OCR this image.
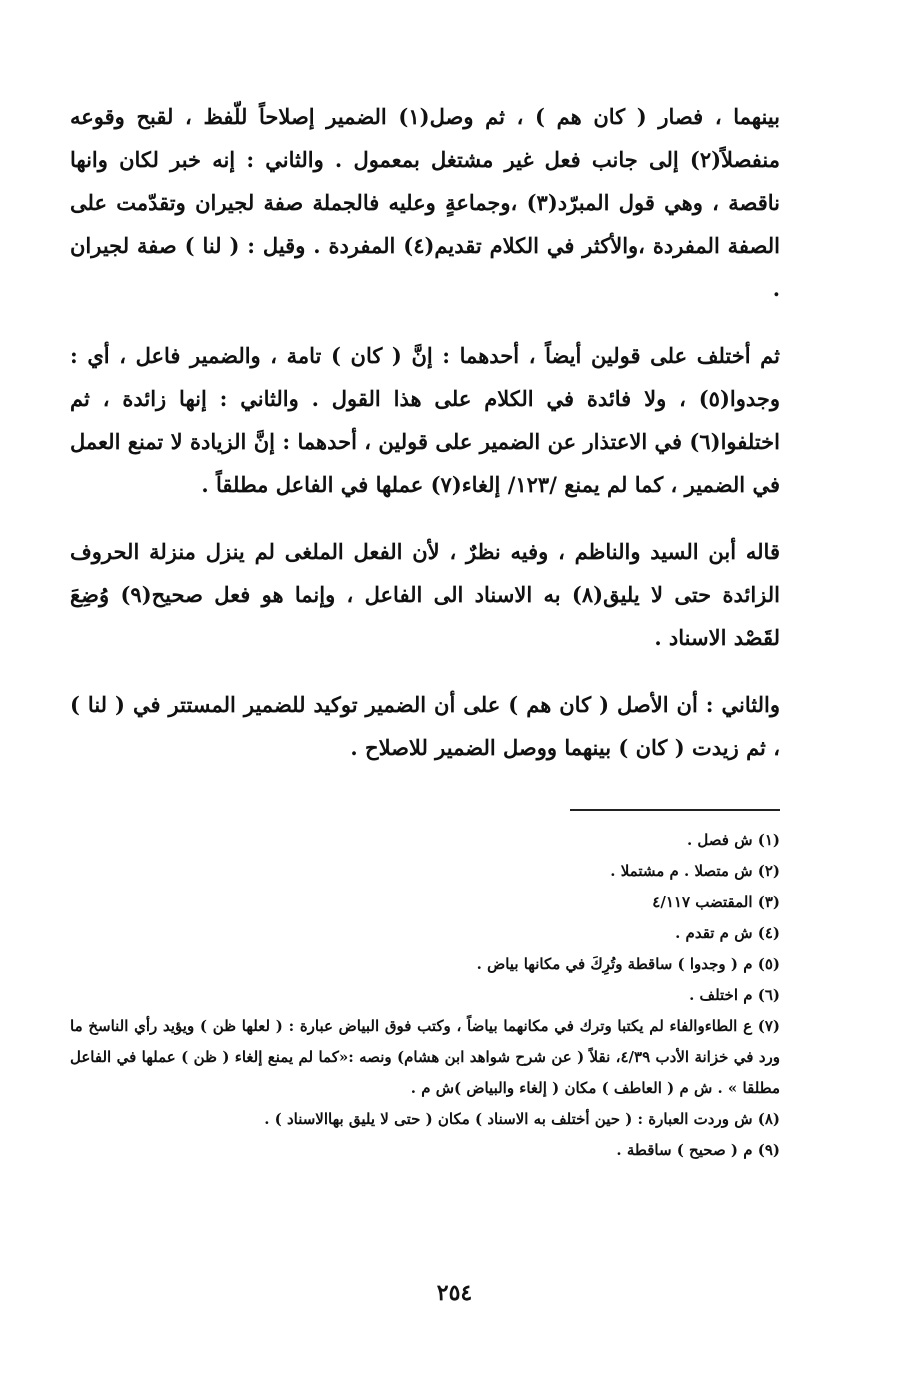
بينهما ، فصار ( كان هم ) ، ثم وصل(١) الضمير إصلاحاً للّفظ ، لقبح وقوعه منفصلاً(٢) إلى جانب فعل غير مشتغل بمعمول . والثاني : إنه خبر لكان وانها ناقصة ، وهي قول المبرّد(٣) ،وجماعةٍ وعليه فالجملة صفة لجيران وتقدّمت على الصفة المفردة ،والأكثر في الكلام تقديم(٤) المفردة . وقيل : ( لنا ) صفة لجيران .

ثم أختلف على قولين أيضاً ، أحدهما : إنَّ ( كان ) تامة ، والضمير فاعل ، أي : وجدوا(٥) ، ولا فائدة في الكلام على هذا القول . والثاني : إنها زائدة ، ثم اختلفوا(٦) في الاعتذار عن الضمير على قولين ، أحدهما : إنَّ الزيادة لا تمنع العمل في الضمير ، كما لم يمنع /١٢٣/ إلغاء(٧) عملها في الفاعل مطلقاً .

قاله أبن السيد والناظم ، وفيه نظرٌ ، لأن الفعل الملغى لم ينزل منزلة الحروف الزائدة حتى لا يليق(٨) به الاسناد الى الفاعل ، وإنما هو فعل صحيح(٩) وُضِعَ لقَصْد الاسناد .

والثاني : أن الأصل ( كان هم ) على أن الضمير توكيد للضمير المستتر في ( لنا ) ، ثم زيدت ( كان ) بينهما ووصل الضمير للاصلاح .

(١) ش فصل .
(٢) ش متصلا . م مشتملا .
(٣) المقتضب ٤/١١٧
(٤) ش م تقدم .
(٥) م ( وجدوا ) ساقطة وتُرِكَ في مكانها بياض .
(٦) م اختلف .
(٧) ع الطاءوالفاء لم يكتبا وترك في مكانهما بياضاً ، وكتب فوق البياض عبارة : ( لعلها ظن ) ويؤيد رأي الناسخ ما ورد في خزانة الأدب ٤/٣٩، نقلاً ( عن شرح شواهد ابن هشام) ونصه :«كما لم يمنع إلغاء ( ظن ) عملها في الفاعل مطلقا » . ش م ( العاطف ) مكان ( إلغاء والبياض )ش م .
(٨) ش وردت العبارة : ( حين أختلف به الاسناد ) مكان ( حتى لا يليق بهاالاسناد ) .
(٩) م ( صحيح ) ساقطة .
٢٥٤
